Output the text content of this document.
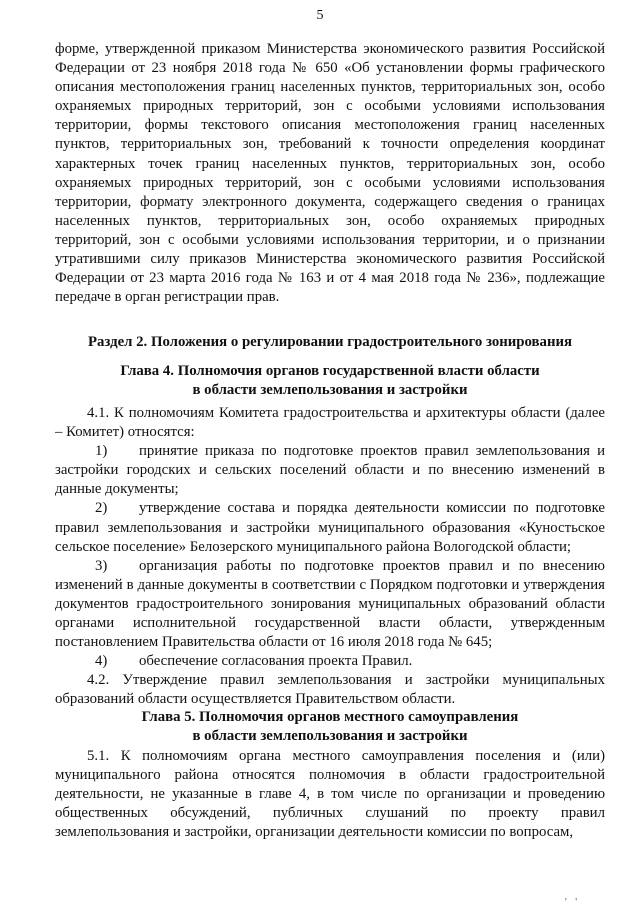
5

форме, утвержденной приказом Министерства экономического развития Российской Федерации от 23 ноября 2018 года № 650 «Об установлении формы графического описания местоположения границ населенных пунктов, территориальных зон, особо охраняемых природных территорий, зон с особыми условиями использования территории, формы текстового описания местоположения границ населенных пунктов, территориальных зон, требований к точности определения координат характерных точек границ населенных пунктов, территориальных зон, особо охраняемых природных территорий, зон с особыми условиями использования территории, формату электронного документа, содержащего сведения о границах населенных пунктов, территориальных зон, особо охраняемых природных территорий, зон с особыми условиями использования территории, и о признании утратившими силу приказов Министерства экономического развития Российской Федерации от 23 марта 2016 года № 163 и от 4 мая 2018 года № 236», подлежащие передаче в орган регистрации прав.

Раздел 2. Положения о регулировании градостроительного зонирования

Глава 4. Полномочия органов государственной власти области

в области землепользования и застройки

4.1. К полномочиям Комитета градостроительства и архитектуры области (далее – Комитет) относятся:

1) принятие приказа по подготовке проектов правил землепользования и застройки городских и сельских поселений области и по внесению изменений в данные документы;

2) утверждение состава и порядка деятельности комиссии по подготовке правил землепользования и застройки муниципального образования «Куностьское сельское поселение» Белозерского муниципального района Вологодской области;

3) организация работы по подготовке проектов правил и по внесению изменений в данные документы в соответствии с Порядком подготовки и утверждения документов градостроительного зонирования муниципальных образований области органами исполнительной государственной власти области, утвержденным постановлением Правительства области от 16 июля 2018 года № 645;

4) обеспечение согласования проекта Правил.

4.2. Утверждение правил землепользования и застройки муниципальных образований области осуществляется Правительством области.

Глава 5. Полномочия органов местного самоуправления

в области землепользования и застройки

5.1. К полномочиям органа местного самоуправления поселения и (или) муниципального района относятся полномочия в области градостроительной деятельности, не указанные в главе 4, в том числе по организации и проведению общественных обсуждений, публичных слушаний по проекту правил землепользования и застройки, организации деятельности комиссии по вопросам,

' '
